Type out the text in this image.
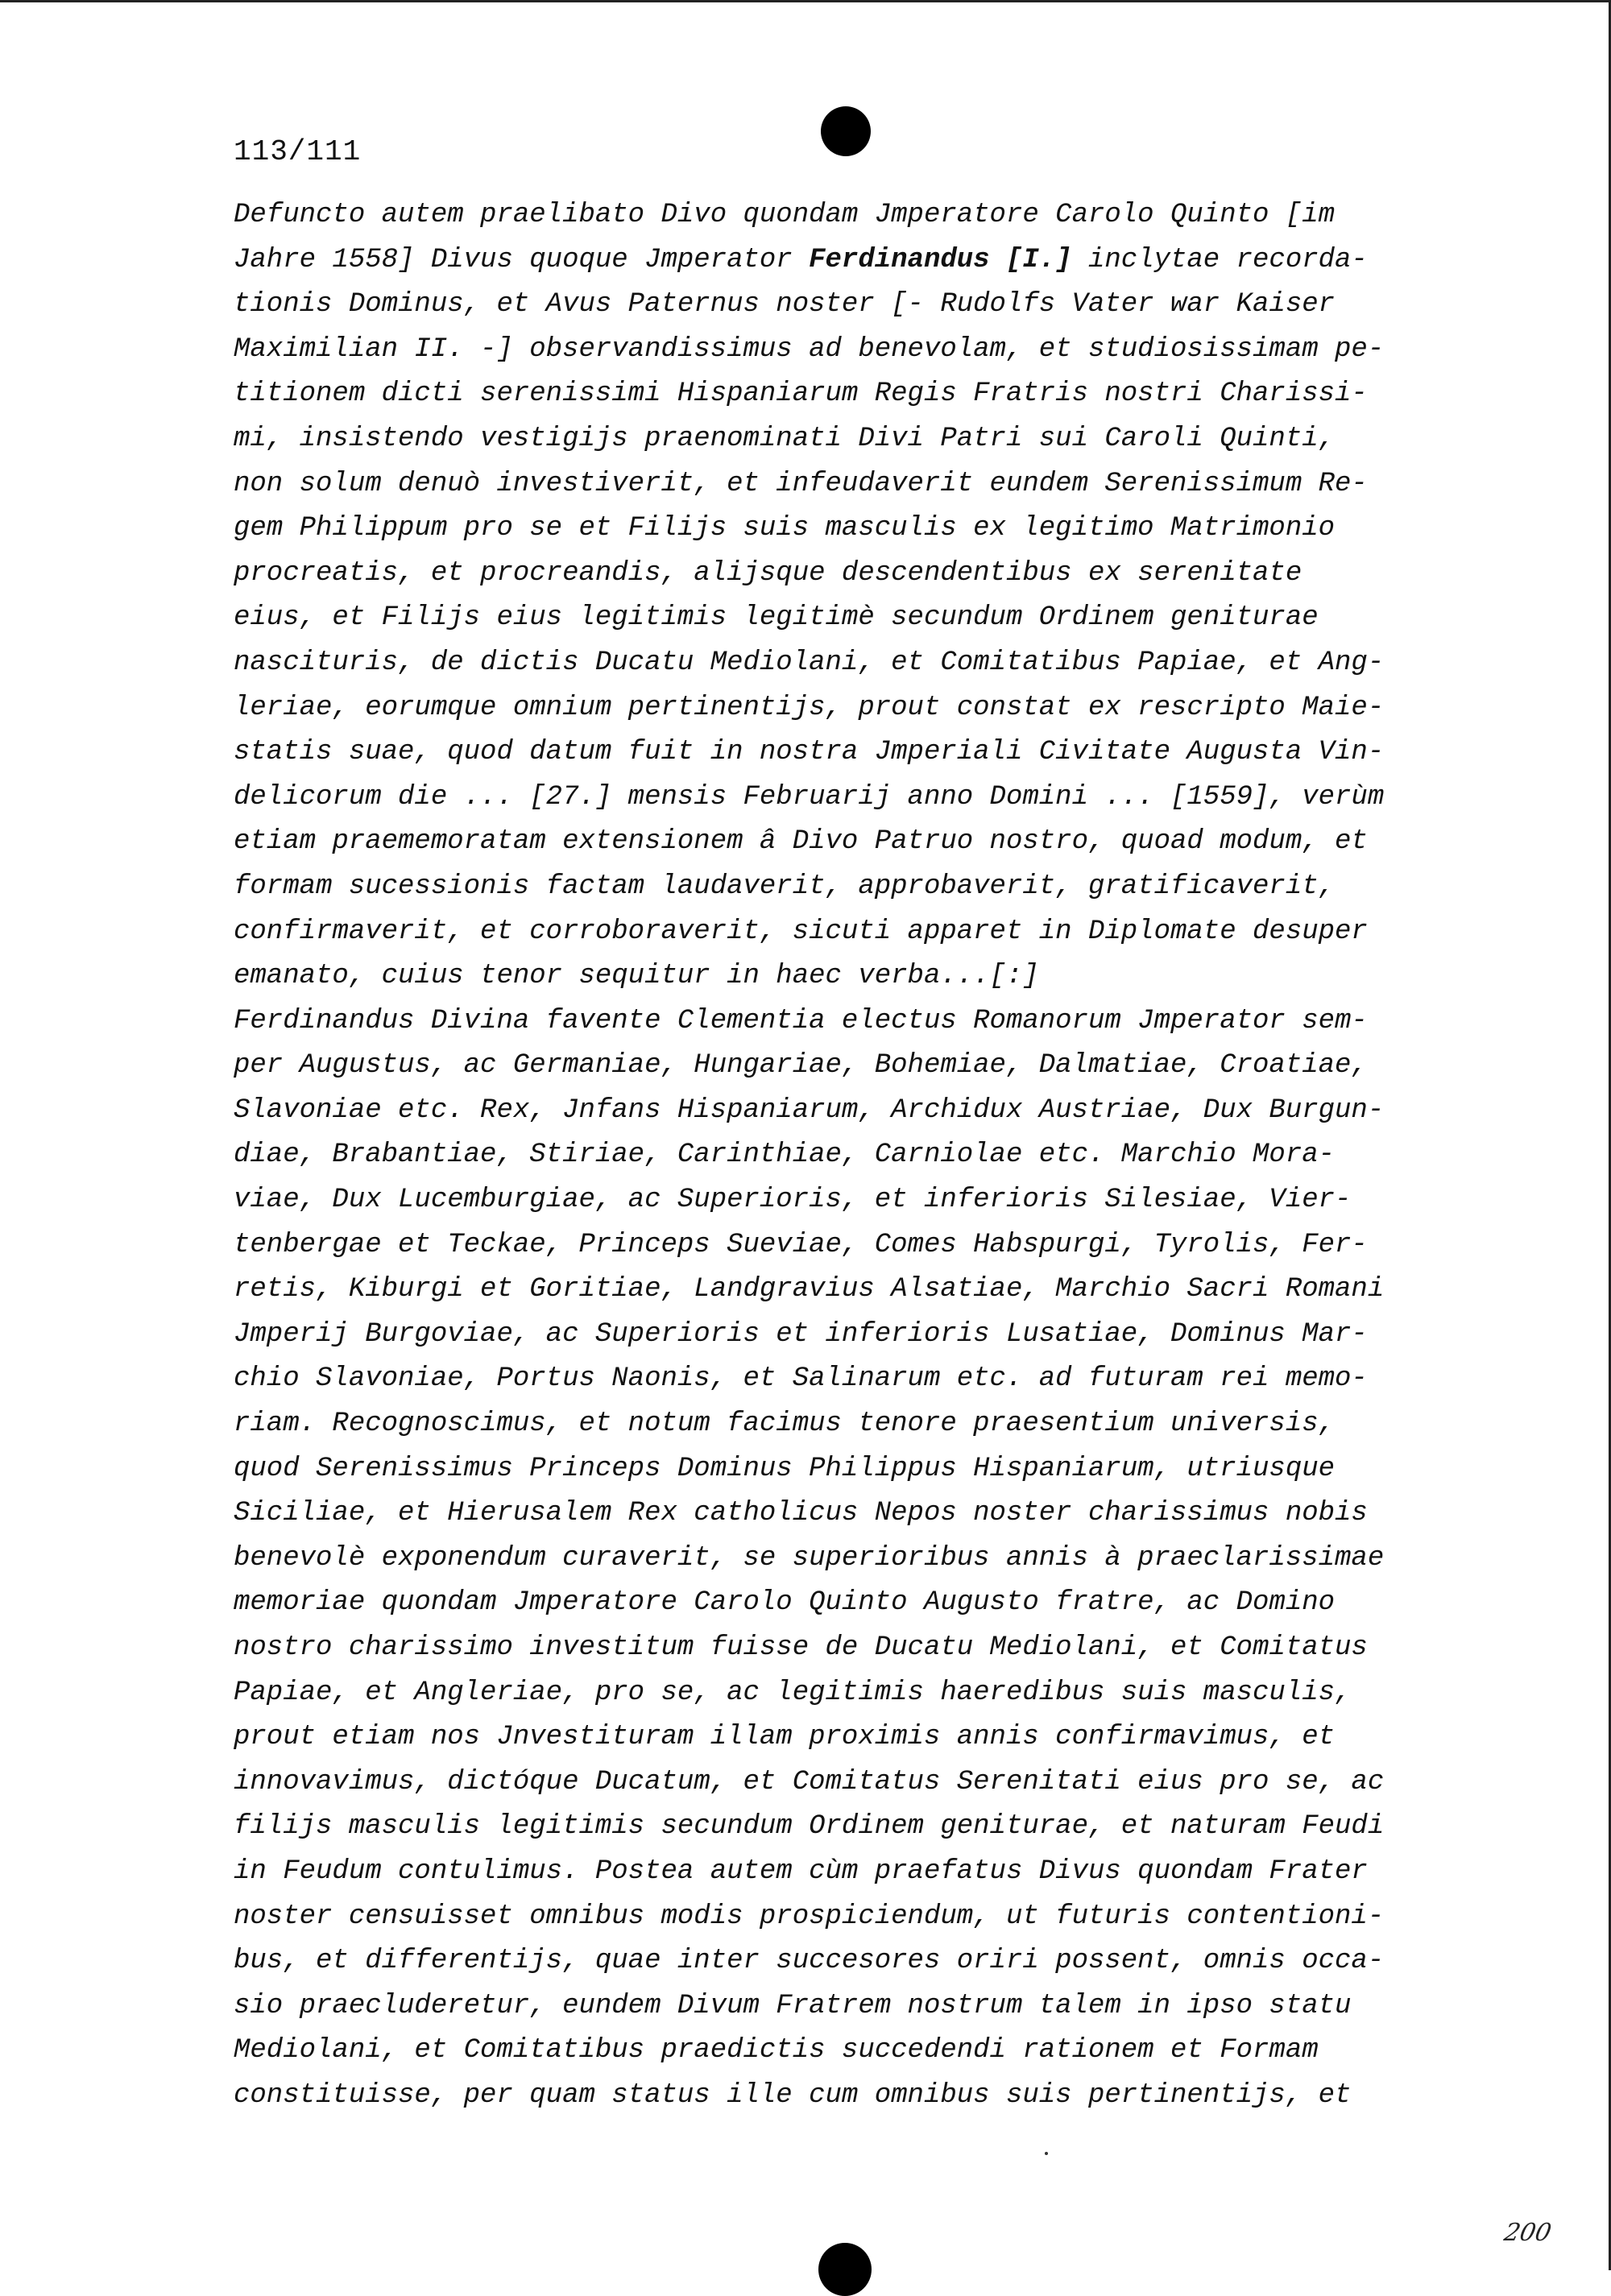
113/111
Defuncto autem praelibato Divo quondam Jmperatore Carolo Quinto [im
Jahre 1558] Divus quoque Jmperator Ferdinandus [I.] inclytae recorda-
tionis Dominus, et Avus Paternus noster [- Rudolfs Vater war Kaiser
Maximilian II. -] observandissimus ad benevolam, et studiosissimam pe-
titionem dicti serenissimi Hispaniarum Regis Fratris nostri Charissi-
mi, insistendo vestigijs praenominati Divi Patri sui Caroli Quinti,
non solum denuò investiverit, et infeudaverit eundem Serenissimum Re-
gem Philippum pro se et Filijs suis masculis ex legitimo Matrimonio
procreatis, et procreandis, alijsque descendentibus ex serenitate
eius, et Filijs eius legitimis legitimè secundum Ordinem geniturae
nascituris, de dictis Ducatu Mediolani, et Comitatibus Papiae, et Ang-
leriae, eorumque omnium pertinentijs, prout constat ex rescripto Maie-
statis suae, quod datum fuit in nostra Jmperiali Civitate Augusta Vin-
delicorum die ... [27.] mensis Februarij anno Domini ... [1559], verùm
etiam praememoratam extensionem â Divo Patruo nostro, quoad modum, et
formam sucessionis factam laudaverit, approbaverit, gratificaverit,
confirmaverit, et corroboraverit, sicuti apparet in Diplomate desuper
emanato, cuius tenor sequitur in haec verba...[:]
Ferdinandus Divina favente Clementia electus Romanorum Jmperator sem-
per Augustus, ac Germaniae, Hungariae, Bohemiae, Dalmatiae, Croatiae,
Slavoniae etc. Rex, Jnfans Hispaniarum, Archidux Austriae, Dux Burgun-
diae, Brabantiae, Stiriae, Carinthiae, Carniolae etc. Marchio Mora-
viae, Dux Lucemburgiae, ac Superioris, et inferioris Silesiae, Vier-
tenbergae et Teckae, Princeps Sueviae, Comes Habspurgi, Tyrolis, Fer-
retis, Kiburgi et Goritiae, Landgravius Alsatiae, Marchio Sacri Romani
Jmperij Burgoviae, ac Superioris et inferioris Lusatiae, Dominus Mar-
chio Slavoniae, Portus Naonis, et Salinarum etc. ad futuram rei memo-
riam. Recognoscimus, et notum facimus tenore praesentium universis,
quod Serenissimus Princeps Dominus Philippus Hispaniarum, utriusque
Siciliae, et Hierusalem Rex catholicus Nepos noster charissimus nobis
benevolè exponendum curaverit, se superioribus annis à praeclarissimae
memoriae quondam Jmperatore Carolo Quinto Augusto fratre, ac Domino
nostro charissimo investitum fuisse de Ducatu Mediolani, et Comitatus
Papiae, et Angleriae, pro se, ac legitimis haeredibus suis masculis,
prout etiam nos Jnvestituram illam proximis annis confirmavimus, et
innovavimus, dictóque Ducatum, et Comitatus Serenitati eius pro se, ac
filijs masculis legitimis secundum Ordinem geniturae, et naturam Feudi
in Feudum contulimus. Postea autem cùm praefatus Divus quondam Frater
noster censuisset omnibus modis prospiciendum, ut futuris contentioni-
bus, et differentijs, quae inter succesores oriri possent, omnis occa-
sio praecluderetur, eundem Divum Fratrem nostrum talem in ipso statu
Mediolani, et Comitatibus praedictis succedendi rationem et Formam
constituisse, per quam status ille cum omnibus suis pertinentijs, et
200
